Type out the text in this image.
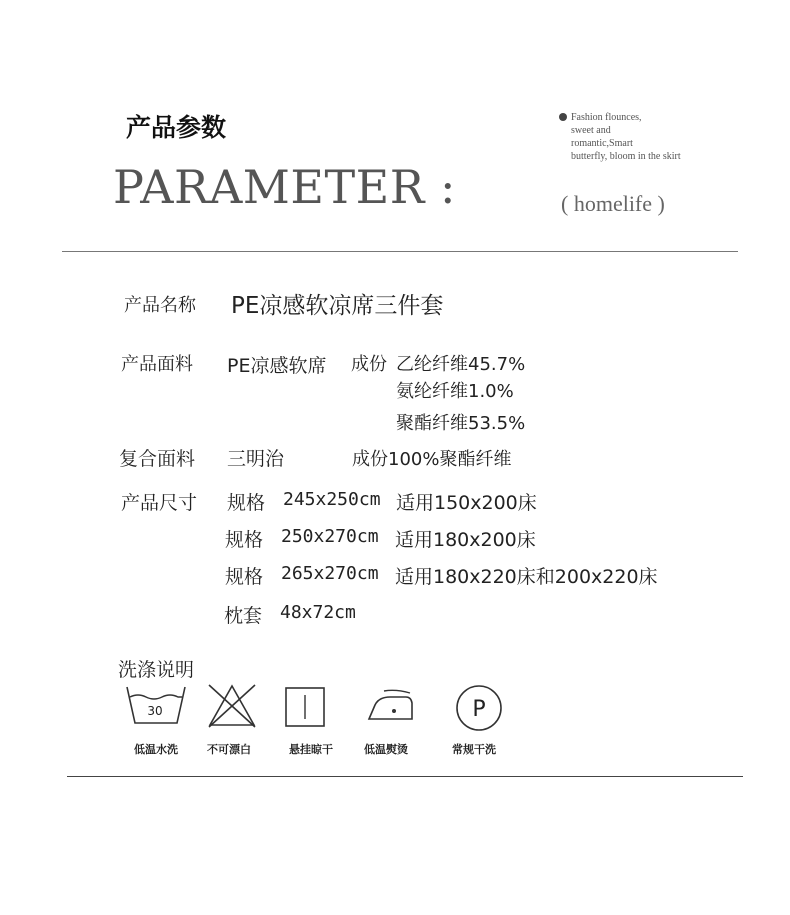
产品参数
PARAMETER :
Fashion flounces,
sweet and
romantic,Smart
butterfly, bloom in the skirt
( homelife )
产品名称 PE凉感软凉席三件套
产品面料 PE凉感软席 成份 乙纶纤维45.7%
氨纶纤维1.0%
聚酯纤维53.5%
复合面料 三明治	成份100%聚酯纤维
产品尺寸 规格 245x250cm 适用150x200床
规格 250x270cm 适用180x200床
规格 265x270cm 适用180x220床和200x220床
枕套 48x72cm
洗涤说明
30
低温水洗	不可漂白	悬挂晾干	低温熨烫
P
常规干洗
